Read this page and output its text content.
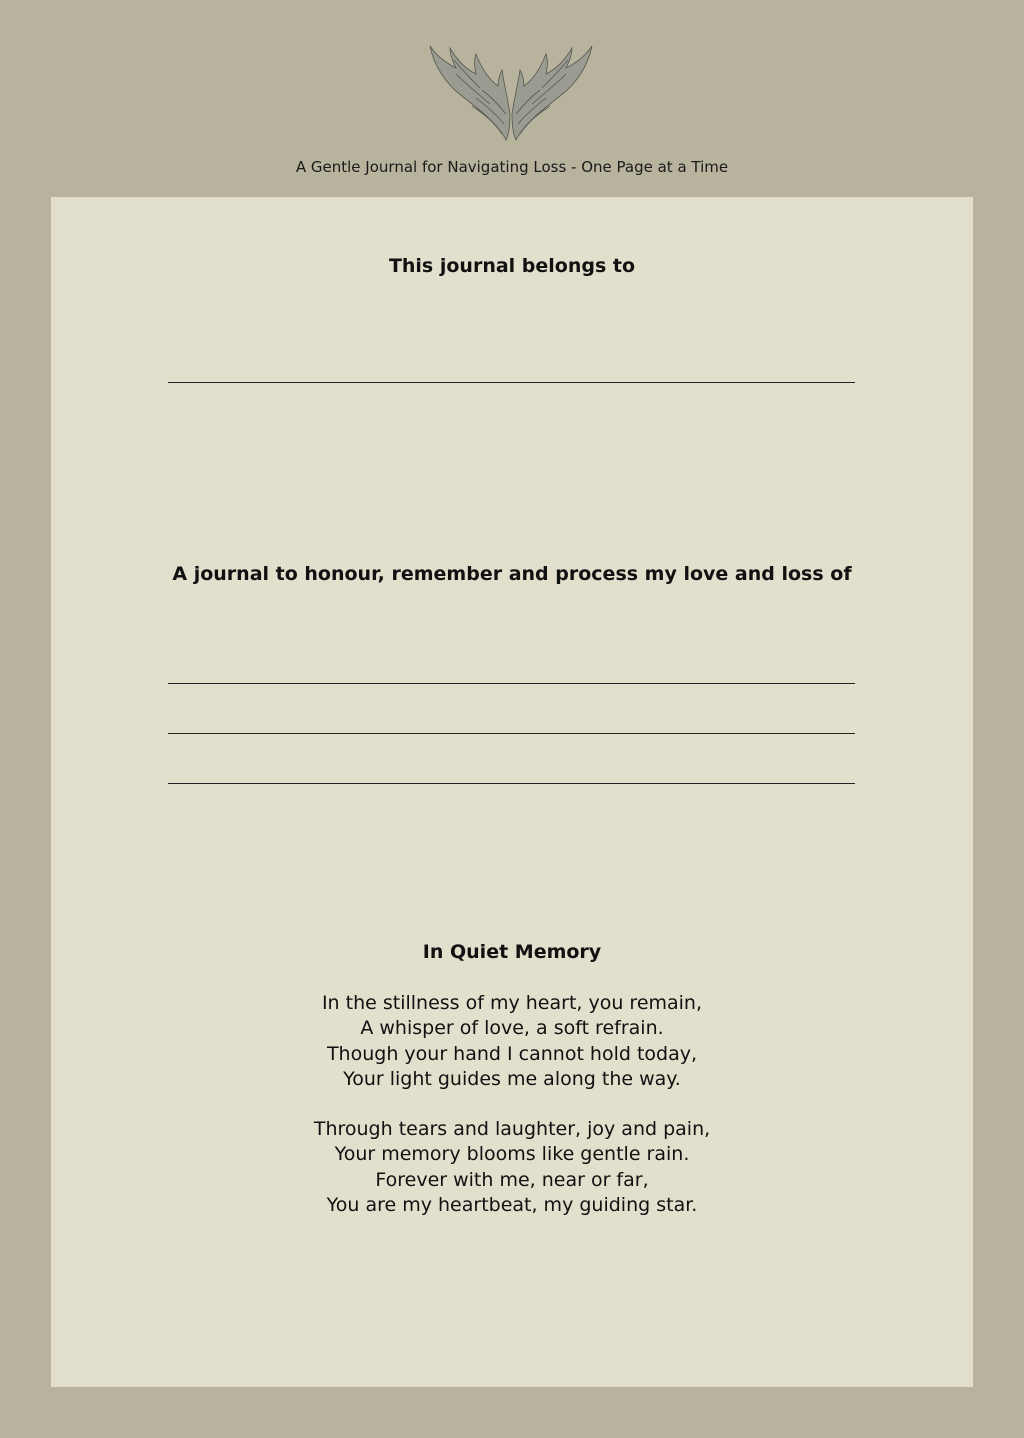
A Gentle Journal for Navigating Loss - One Page at a Time
This journal belongs to
A journal to honour, remember and process my love and loss of
In Quiet Memory
In the stillness of my heart, you remain,
A whisper of love, a soft refrain.
Though your hand I cannot hold today,
Your light guides me along the way.
Through tears and laughter, joy and pain,
Your memory blooms like gentle rain.
Forever with me, near or far,
You are my heartbeat, my guiding star.
